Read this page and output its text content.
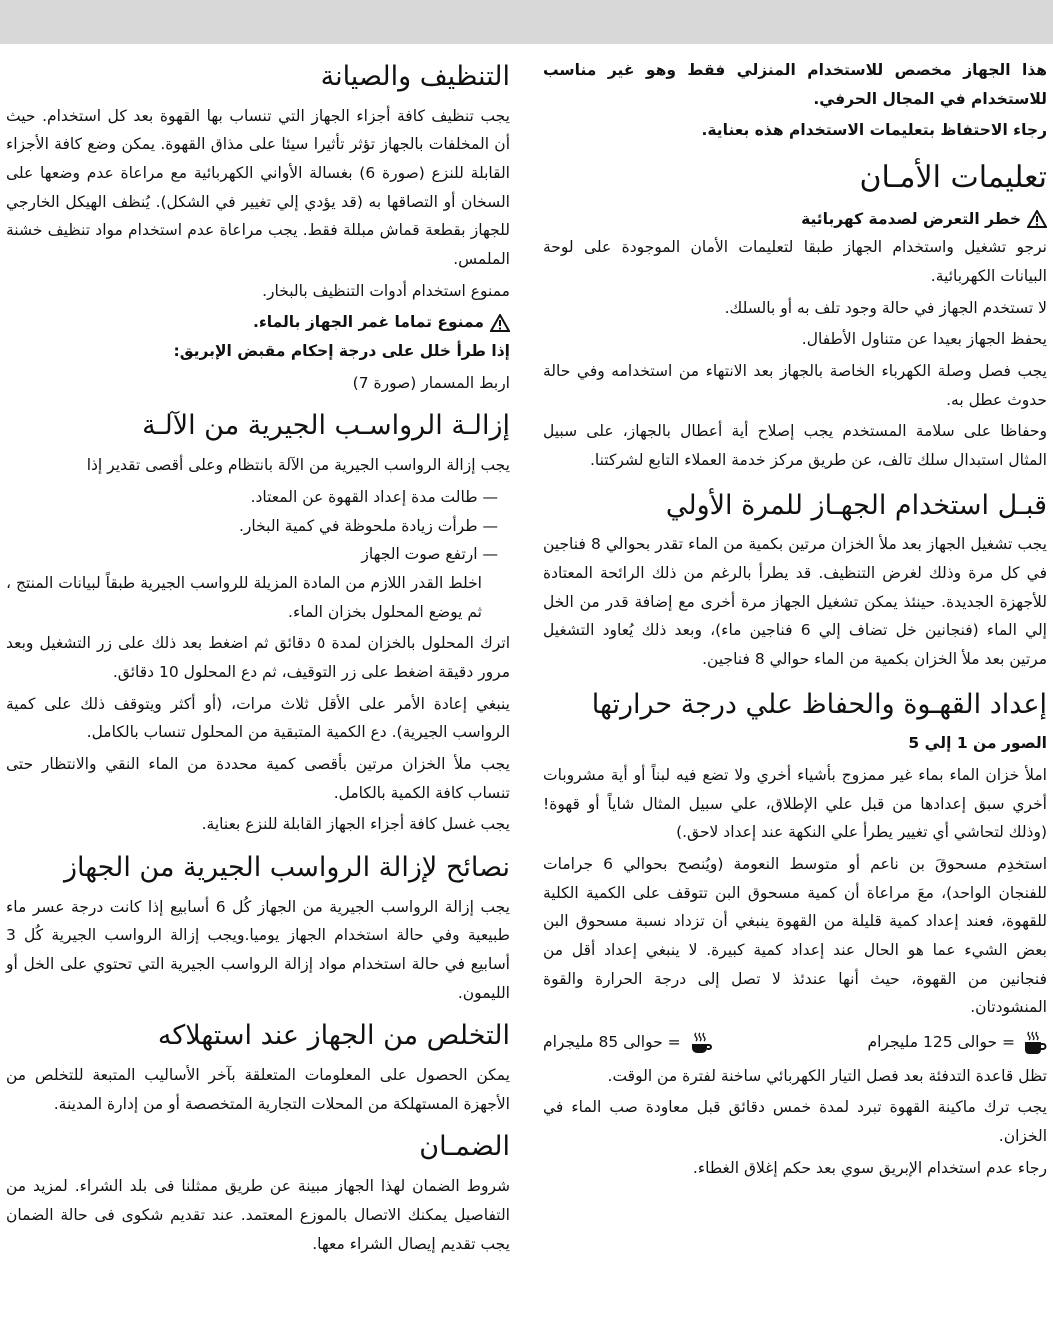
هذا الجهاز مخصص للاستخدام المنزلي فقط وهو غير مناسب للاستخدام في المجال الحرفي.

رجاء الاحتفاظ بتعليمات الاستخدام هذه بعناية.

تعليمات الأمـان
خطر التعرض لصدمة كهربائية

نرجو تشغيل واستخدام الجهاز طبقا لتعليمات الأمان الموجودة على لوحة البيانات الكهربائية.

لا تستخدم الجهاز في حالة وجود تلف به أو بالسلك.

يحفظ الجهاز بعيدا عن متناول الأطفال.

يجب فصل وصلة الكهرباء الخاصة بالجهاز بعد الانتهاء من استخدامه وفي حالة حدوث عطل به.

وحفاظا على سلامة المستخدم يجب إصلاح أية أعطال بالجهاز، على سبيل المثال استبدال سلك تالف، عن طريق مركز خدمة العملاء التابع لشركتنا.

قبـل استخدام الجهـاز للمرة الأولي

يجب تشغيل الجهاز بعد ملأ الخزان مرتين بكمية من الماء تقدر بحوالي 8 فناجين في كل مرة وذلك لغرض التنظيف. قد يطرأ بالرغم من ذلك الرائحة المعتادة للأجهزة الجديدة. حينئذ يمكن تشغيل الجهاز مرة أخرى مع إضافة قدر من الخل إلي الماء (فنجانين خل تضاف إلي 6 فناجين ماء)، وبعد ذلك يُعاود التشغيل مرتين بعد ملأ الخزان بكمية من الماء حوالي 8 فناجين.

إعداد القهـوة والحفاظ علي درجة حرارتها

الصور من 1 إلي 5

املأ خزان الماء بماء غير ممزوج بأشياء أخري ولا تضع فيه لبناً أو أية مشروبات أخري سبق إعدادها من قبل علي الإطلاق، علي سبيل المثال شاياً أو قهوة! (وذلك لتحاشي أي تغيير يطرأ علي النكهة عند إعداد لاحق.)

استخدِم مسحوقَ بن ناعم أو متوسط النعومة (ويُنصح بحوالي 6 جرامات للفنجان الواحد)، معَ مراعاة أن كمية مسحوق البن تتوقف على الكمية الكلية للقهوة، فعند إعداد كمية قليلة من القهوة ينبغي أن تزداد نسبة مسحوق البن بعض الشيء عما هو الحال عند إعداد كمية كبيرة. لا ينبغي إعداد أقل من فنجانين من القهوة، حيث أنها عندئذ لا تصل إلى درجة الحرارة والقوة المنشودتان.

= حوالى 125 مليجرام
= حوالى 85 مليجرام

تظل قاعدة التدفئة بعد فصل التيار الكهربائي ساخنة لفترة من الوقت.

يجب ترك ماكينة القهوة تبرد لمدة خمس دقائق قبل معاودة صب الماء في الخزان.

رجاء عدم استخدام الإبريق سوي بعد حكم إغلاق الغطاء.

التنظيف والصيانة

يجب تنظيف كافة أجزاء الجهاز التي تنساب بها القهوة بعد كل استخدام. حيث أن المخلفات بالجهاز تؤثر تأثيرا سيئا على مذاق القهوة. يمكن وضع كافة الأجزاء القابلة للنزع (صورة 6) بغسالة الأواني الكهربائية مع مراعاة عدم وضعها على السخان أو التصاقها به (قد يؤدي إلي تغيير في الشكل). يُنظف الهيكل الخارجي للجهاز بقطعة قماش مبللة فقط. يجب مراعاة عدم استخدام مواد تنظيف خشنة الملمس.

ممنوع استخدام أدوات التنظيف بالبخار.

ممنوع تماما غمر الجهاز بالماء.

إذا طرأ خلل على درجة إحكام مقبض الإبريق:

اربط المسمار (صورة 7)

إزالـة الرواسـب الجيرية من الآلـة

يجب إزالة الرواسب الجيرية من الآلة بانتظام وعلى أقصى تقدير إذا

— طالت مدة إعداد القهوة عن المعتاد.
— طرأت زيادة ملحوظة في كمية البخار.
— ارتفع صوت الجهاز

اخلط القدر اللازم من المادة المزيلة للرواسب الجيرية طبقاً لبيانات المنتج ، ثم يوضع المحلول بخزان الماء.

اترك المحلول بالخزان لمدة ٥ دقائق ثم اضغط بعد ذلك على زر التشغيل وبعد مرور دقيقة اضغط على زر التوقيف، ثم دع المحلول 10 دقائق.

ينبغي إعادة الأمر على الأقل ثلاث مرات، (أو أكثر ويتوقف ذلك على كمية الرواسب الجيرية). دع الكمية المتبقية من المحلول تنساب بالكامل.

يجب ملأ الخزان مرتين بأقصى كمية محددة من الماء النقي والانتظار حتى تنساب كافة الكمية بالكامل.

يجب غسل كافة أجزاء الجهاز القابلة للنزع بعناية.

نصائح لإزالة الرواسب الجيرية من الجهاز

يجب إزالة الرواسب الجيرية من الجهاز كُل 6 أسابيع إذا كانت درجة عسر ماء طبيعية وفي حالة استخدام الجهاز يوميا.ويجب إزالة الرواسب الجيرية كُل 3 أسابيع في حالة استخدام مواد إزالة الرواسب الجيرية التي تحتوي على الخل أو الليمون.

التخلص من الجهاز عند استهلاكه

يمكن الحصول على المعلومات المتعلقة بآخر الأساليب المتبعة للتخلص من الأجهزة المستهلكة من المحلات التجارية المتخصصة أو من إدارة المدينة.

الضمـان

شروط الضمان لهذا الجهاز مبينة عن طريق ممثلنا فى بلد الشراء. لمزيد من التفاصيل يمكنك الاتصال بالموزع المعتمد. عند تقديم شكوى فى حالة الضمان يجب تقديم إيصال الشراء معها.
